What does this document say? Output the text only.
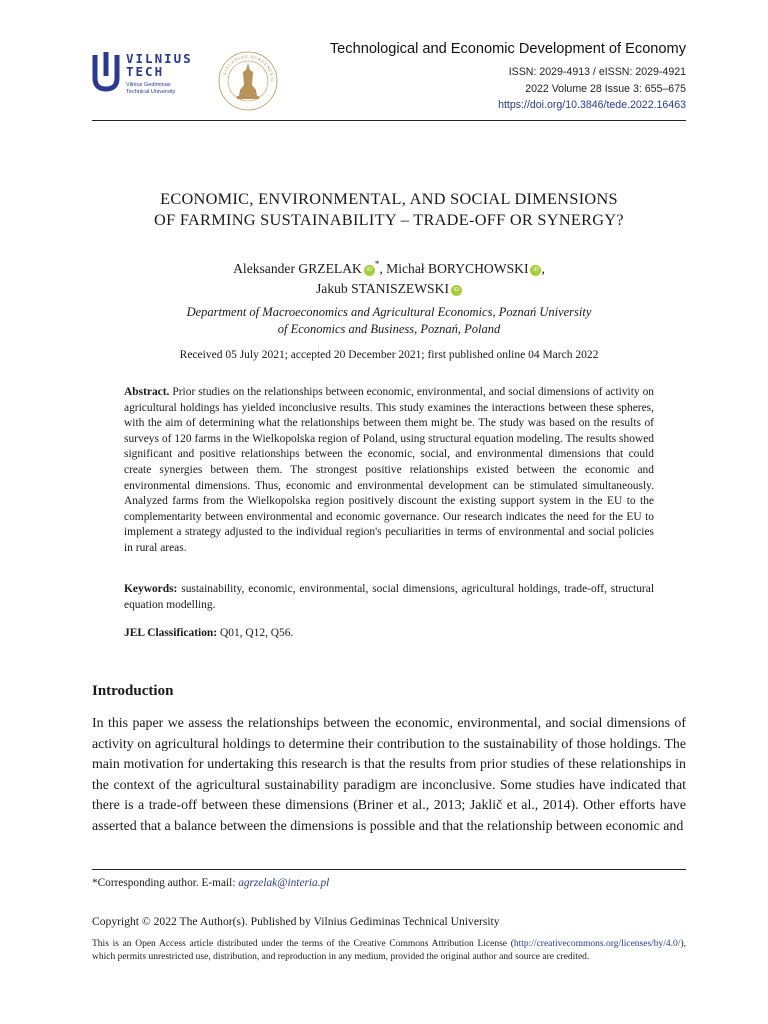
VILNIUS
TECH
Vilnius Gediminas
Technical University
LITUANIAE ACADEMIA G
Technological and Economic Development of Economy
ISSN: 2029-4913 / eISSN: 2029-4921
2022 Volume 28 Issue 3: 655–675
https://doi.org/10.3846/tede.2022.16463
ECONOMIC, ENVIRONMENTAL, AND SOCIAL DIMENSIONS
OF FARMING SUSTAINABILITY – TRADE-OFF OR SYNERGY?
Aleksander GRZELAK iD*, Michał BORYCHOWSKI iD ,
Jakub STANISZEWSKI iD
Department of Macroeconomics and Agricultural Economics, Poznań University
of Economics and Business, Poznań, Poland
Received 05 July 2021; accepted 20 December 2021; first published online 04 March 2022

Abstract. Prior studies on the relationships between economic, environmental, and social dimensions of activity on agricultural holdings has yielded inconclusive results. This study examines the interactions between these spheres, with the aim of determining what the relationships between them might be. The study was based on the results of surveys of 120 farms in the Wielkopolska region of Poland, using structural equation modeling. The results showed significant and positive relationships between the economic, social, and environmental dimensions that could create synergies between them. The strongest positive relationships existed between the economic and environmental dimensions. Thus, economic and environmental development can be stimulated simultaneously. Analyzed farms from the Wielkopolska region positively discount the existing support system in the EU to the complementarity between environmental and economic governance. Our research indicates the need for the EU to implement a strategy adjusted to the individual region's peculiarities in terms of environmental and social policies in rural areas.

Keywords: sustainability, economic, environmental, social dimensions, agricultural holdings, trade-off, structural equation modelling.
JEL Classification: Q01, Q12, Q56.
Introduction
In this paper we assess the relationships between the economic, environmental, and social dimensions of activity on agricultural holdings to determine their contribution to the sustainability of those holdings. The main motivation for undertaking this research is that the results from prior studies of these relationships in the context of the agricultural sustainability paradigm are inconclusive. Some studies have indicated that there is a trade-off between these dimensions (Briner et al., 2013; Jaklič et al., 2014). Other efforts have asserted that a balance between the dimensions is possible and that the relationship between economic and
*Corresponding author. E-mail: agrzelak@interia.pl
Copyright © 2022 The Author(s). Published by Vilnius Gediminas Technical University
This is an Open Access article distributed under the terms of the Creative Commons Attribution License (http://creativecommons.org/licenses/by/4.0/), which permits unrestricted use, distribution, and reproduction in any medium, provided the original author and source are credited.
